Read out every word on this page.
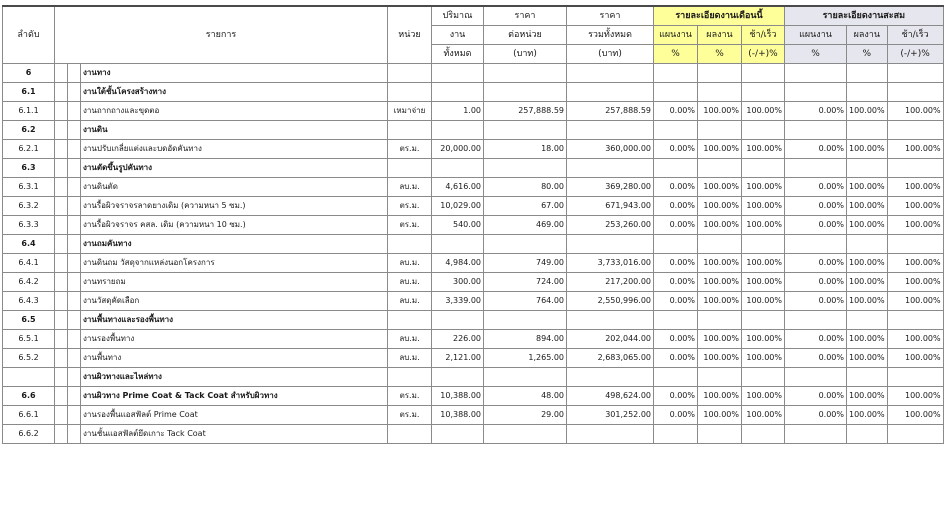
ลำดับ	รายการ			หน่วย	ปริมาณ	ราคา	ราคา	รายละเอียดงานเดือนนี้			รายละเอียดงานสะสม		
					งาน	ต่อหน่วย	รวมทั้งหมด	แผนงาน	ผลงาน	ช้า/เร็ว	แผนงาน	ผลงาน	ช้า/เร็ว
					ทั้งหมด	(บาท)	(บาท)	%	%	(-/+)%	%	%	(-/+)%
6			งานทาง										
6.1			งานใต้ชั้นโครงสร้างทาง										
6.1.1			งานถากถางและขุดตอ	เหมาจ่าย	1.00	257,888.59	257,888.59	0.00%	100.00%	100.00%	0.00%	100.00%	100.00%
6.2			งานดิน										
6.2.1			งานปรับเกลี่ยแต่งและบดอัดคันทาง	ตร.ม.	20,000.00	18.00	360,000.00	0.00%	100.00%	100.00%	0.00%	100.00%	100.00%
6.3			งานตัดขึ้นรูปคันทาง										
6.3.1			งานดินตัด	ลบ.ม.	4,616.00	80.00	369,280.00	0.00%	100.00%	100.00%	0.00%	100.00%	100.00%
6.3.2			งานรื้อผิวจราจรลาดยางเดิม (ความหนา 5 ซม.)	ตร.ม.	10,029.00	67.00	671,943.00	0.00%	100.00%	100.00%	0.00%	100.00%	100.00%
6.3.3			งานรื้อผิวจราจร คสล. เดิม (ความหนา 10 ซม.)	ตร.ม.	540.00	469.00	253,260.00	0.00%	100.00%	100.00%	0.00%	100.00%	100.00%
6.4			งานถมคันทาง										
6.4.1			งานดินถม วัสดุจากแหล่งนอกโครงการ	ลบ.ม.	4,984.00	749.00	3,733,016.00	0.00%	100.00%	100.00%	0.00%	100.00%	100.00%
6.4.2			งานทรายถม	ลบ.ม.	300.00	724.00	217,200.00	0.00%	100.00%	100.00%	0.00%	100.00%	100.00%
6.4.3			งานวัสดุคัดเลือก	ลบ.ม.	3,339.00	764.00	2,550,996.00	0.00%	100.00%	100.00%	0.00%	100.00%	100.00%
6.5			งานพื้นทางและรองพื้นทาง										
6.5.1			งานรองพื้นทาง	ลบ.ม.	226.00	894.00	202,044.00	0.00%	100.00%	100.00%	0.00%	100.00%	100.00%
6.5.2			งานพื้นทาง	ลบ.ม.	2,121.00	1,265.00	2,683,065.00	0.00%	100.00%	100.00%	0.00%	100.00%	100.00%
			งานผิวทางและไหล่ทาง										
6.6			งานผิวทาง Prime Coat & Tack Coat สำหรับผิวทาง	ตร.ม.	10,388.00	48.00	498,624.00	0.00%	100.00%	100.00%	0.00%	100.00%	100.00%
6.6.1			งานรองพื้นแอสฟัลต์ Prime Coat	ตร.ม.	10,388.00	29.00	301,252.00	0.00%	100.00%	100.00%	0.00%	100.00%	100.00%
6.6.2			งานชั้นแอสฟัลต์ยึดเกาะ Tack Coat										
